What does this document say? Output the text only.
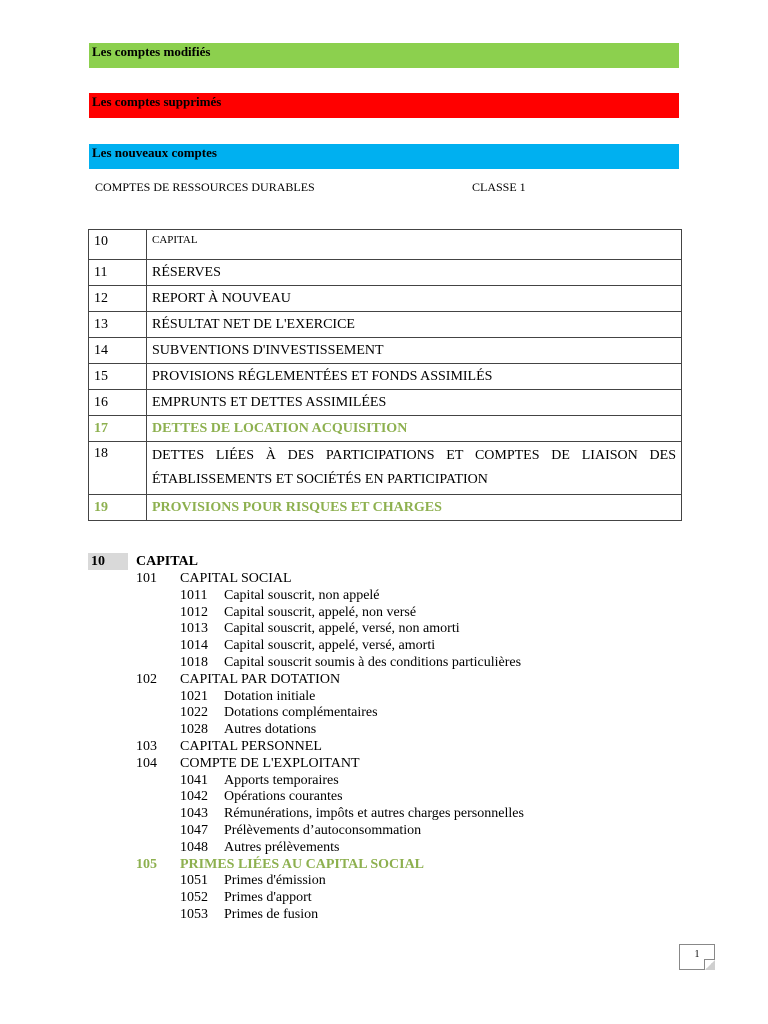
Les comptes modifiés
Les comptes supprimés
Les nouveaux comptes
COMPTES DE RESSOURCES DURABLES	CLASSE 1
10	CAPITAL
11	RÉSERVES
12	REPORT À NOUVEAU
13	RÉSULTAT NET DE L'EXERCICE
14	SUBVENTIONS D'INVESTISSEMENT
15	PROVISIONS RÉGLEMENTÉES ET FONDS ASSIMILÉS
16	EMPRUNTS ET DETTES ASSIMILÉES
17	DETTES DE LOCATION ACQUISITION
18	DETTES LIÉES À DES PARTICIPATIONS ET COMPTES DE LIAISON DES ÉTABLISSEMENTS ET SOCIÉTÉS EN PARTICIPATION
19	PROVISIONS POUR RISQUES ET CHARGES
10	CAPITAL
101 CAPITAL SOCIAL
1011 Capital souscrit, non appelé
1012 Capital souscrit, appelé, non versé
1013 Capital souscrit, appelé, versé, non amorti
1014 Capital souscrit, appelé, versé, amorti
1018 Capital souscrit soumis à des conditions particulières
102 CAPITAL PAR DOTATION
1021 Dotation initiale
1022 Dotations complémentaires
1028 Autres dotations
103 CAPITAL PERSONNEL
104 COMPTE DE L'EXPLOITANT
1041 Apports temporaires
1042 Opérations courantes
1043 Rémunérations, impôts et autres charges personnelles
1047 Prélèvements d’autoconsommation
1048 Autres prélèvements
105 PRIMES LIÉES AU CAPITAL SOCIAL
1051 Primes d'émission
1052 Primes d'apport
1053 Primes de fusion
1
